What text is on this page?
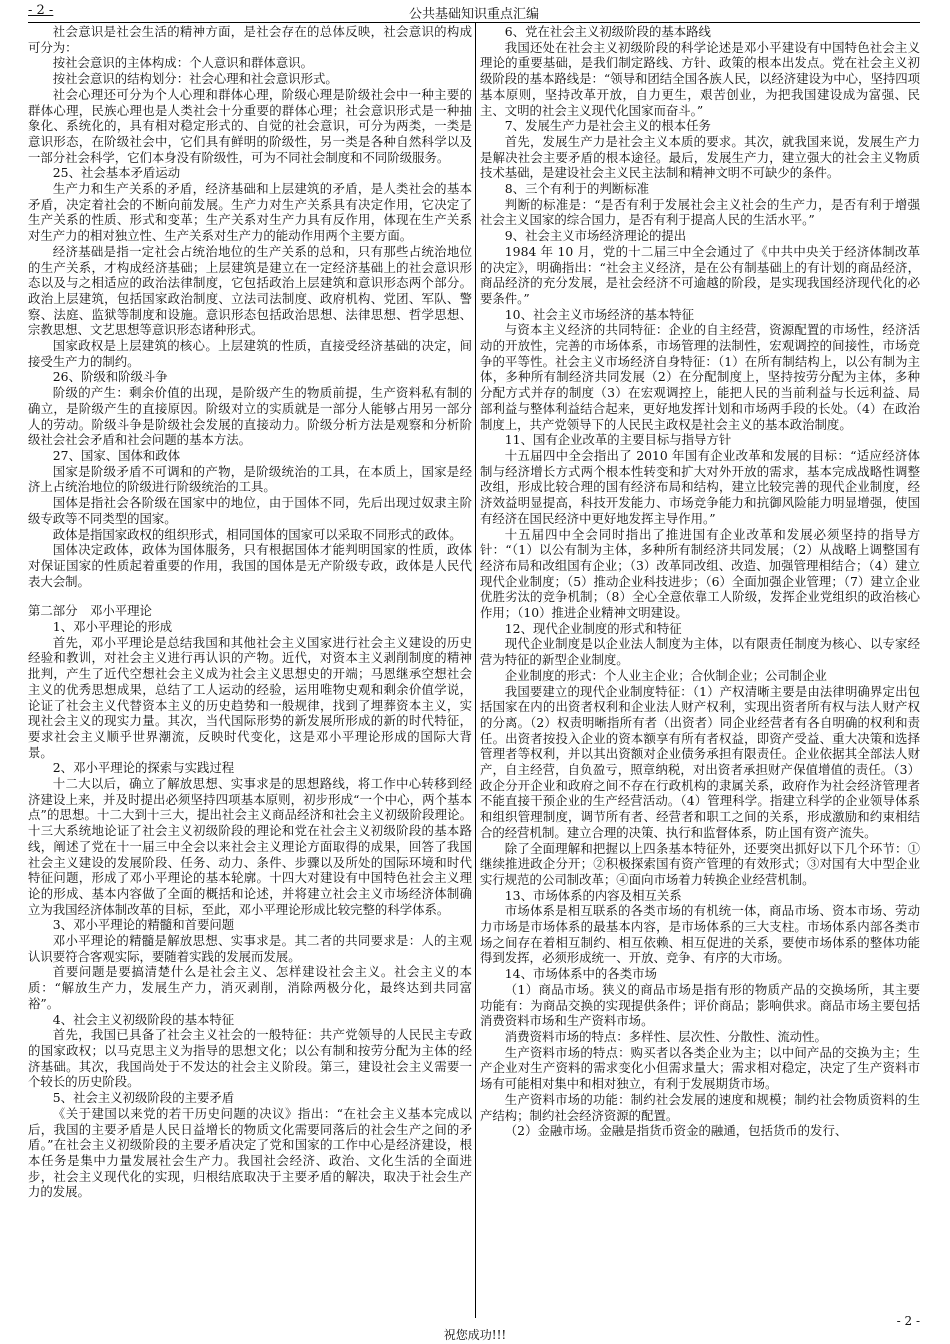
- 2 -	公共基础知识重点汇编

社会意识是社会生活的精神方面，是社会存在的总体反映，社会意识的构成可分为：

按社会意识的主体构成：个人意识和群体意识。

按社会意识的结构划分：社会心理和社会意识形式。

社会心理还可分为个人心理和群体心理，阶级心理是阶级社会中一种主要的群体心理，民族心理也是人类社会十分重要的群体心理；社会意识形式是一种抽象化、系统化的，具有相对稳定形式的、自觉的社会意识，可分为两类，一类是意识形态，在阶级社会中，它们具有鲜明的阶级性，另一类是各种自然科学以及一部分社会科学，它们本身没有阶级性，可为不同社会制度和不同阶级服务。

25、社会基本矛盾运动

生产力和生产关系的矛盾，经济基础和上层建筑的矛盾，是人类社会的基本矛盾，决定着社会的不断向前发展。生产力对生产关系具有决定作用，它决定了生产关系的性质、形式和变革；生产关系对生产力具有反作用，体现在生产关系对生产力的相对独立性、生产关系对生产力的能动作用两个主要方面。

经济基础是指一定社会占统治地位的生产关系的总和，只有那些占统治地位的生产关系，才构成经济基础；上层建筑是建立在一定经济基础上的社会意识形态以及与之相适应的政治法律制度，它包括政治上层建筑和意识形态两个部分。政治上层建筑，包括国家政治制度、立法司法制度、政府机构、党团、军队、警察、法庭、监狱等制度和设施。意识形态包括政治思想、法律思想、哲学思想、宗教思想、文艺思想等意识形态诸种形式。

国家政权是上层建筑的核心。上层建筑的性质，直接受经济基础的决定，间接受生产力的制约。

26、阶级和阶级斗争

阶级的产生：剩余价值的出现，是阶级产生的物质前提，生产资料私有制的确立，是阶级产生的直接原因。阶级对立的实质就是一部分人能够占用另一部分人的劳动。阶级斗争是阶级社会发展的直接动力。阶级分析方法是观察和分析阶级社会社会矛盾和社会问题的基本方法。

27、国家、国体和政体

国家是阶级矛盾不可调和的产物，是阶级统治的工具，在本质上，国家是经济上占统治地位的阶级进行阶级统治的工具。

国体是指社会各阶级在国家中的地位，由于国体不同，先后出现过奴隶主阶级专政等不同类型的国家。

政体是指国家政权的组织形式，相同国体的国家可以采取不同形式的政体。

国体决定政体，政体为国体服务，只有根据国体才能判明国家的性质，政体对保证国家的性质起着重要的作用，我国的国体是无产阶级专政，政体是人民代表大会制。

第二部分　邓小平理论

1、邓小平理论的形成

首先，邓小平理论是总结我国和其他社会主义国家进行社会主义建设的历史经验和教训，对社会主义进行再认识的产物。近代，对资本主义剥削制度的精神批判，产生了近代空想社会主义成为社会主义思想史的开端；马恩继承空想社会主义的优秀思想成果，总结了工人运动的经验，运用唯物史观和剩余价值学说，论证了社会主义代替资本主义的历史趋势和一般规律，找到了埋葬资本主义，实现社会主义的现实力量。其次，当代国际形势的新发展所形成的新的时代特征，要求社会主义顺乎世界潮流，反映时代变化，这是邓小平理论形成的国际大背景。

2、邓小平理论的探索与实践过程

十二大以后，确立了解放思想、实事求是的思想路线，将工作中心转移到经济建设上来，并及时提出必须坚持四项基本原则，初步形成“一个中心，两个基本点”的思想。十二大到十三大，提出社会主义商品经济和社会主义初级阶段理论。十三大系统地论证了社会主义初级阶段的理论和党在社会主义初级阶段的基本路线，阐述了党在十一届三中全会以来社会主义理论方面取得的成果，回答了我国社会主义建设的发展阶段、任务、动力、条件、步骤以及所处的国际环境和时代特征问题，形成了邓小平理论的基本轮廓。十四大对建设有中国特色社会主义理论的形成、基本内容做了全面的概括和论述，并将建立社会主义市场经济体制确立为我国经济体制改革的目标，至此，邓小平理论形成比较完整的科学体系。

3、邓小平理论的精髓和首要问题

邓小平理论的精髓是解放思想、实事求是。其二者的共同要求是：人的主观认识要符合客观实际，要随着实践的发展而发展。

首要问题是要搞清楚什么是社会主义、怎样建设社会主义。社会主义的本质：“解放生产力，发展生产力，消灭剥削，消除两极分化，最终达到共同富裕”。

4、社会主义初级阶段的基本特征

首先，我国已具备了社会主义社会的一般特征：共产党领导的人民民主专政的国家政权；以马克思主义为指导的思想文化；以公有制和按劳分配为主体的经济基础。其次，我国尚处于不发达的社会主义阶段。第三，建设社会主义需要一个较长的历史阶段。

5、社会主义初级阶段的主要矛盾

《关于建国以来党的若干历史问题的决议》指出：“在社会主义基本完成以后，我国的主要矛盾是人民日益增长的物质文化需要同落后的社会生产之间的矛盾。”在社会主义初级阶段的主要矛盾决定了党和国家的工作中心是经济建设，根本任务是集中力量发展社会生产力。我国社会经济、政治、文化生活的全面进步，社会主义现代化的实现，归根结底取决于主要矛盾的解决，取决于社会生产力的发展。

6、党在社会主义初级阶段的基本路线

我国还处在社会主义初级阶段的科学论述是邓小平建设有中国特色社会主义理论的重要基础，是我们制定路线、方针、政策的根本出发点。党在社会主义初级阶段的基本路线是：“领导和团结全国各族人民，以经济建设为中心，坚持四项基本原则，坚持改革开放，自力更生，艰苦创业，为把我国建设成为富强、民主、文明的社会主义现代化国家而奋斗。”

7、发展生产力是社会主义的根本任务

首先，发展生产力是社会主义本质的要求。其次，就我国来说，发展生产力是解决社会主要矛盾的根本途径。最后，发展生产力，建立强大的社会主义物质技术基础，是建设社会主义民主法制和精神文明不可缺少的条件。

8、三个有利于的判断标准

判断的标准是：“是否有利于发展社会主义社会的生产力，是否有利于增强社会主义国家的综合国力，是否有利于提高人民的生活水平。”

9、社会主义市场经济理论的提出

1984 年 10 月，党的十二届三中全会通过了《中共中央关于经济体制改革的决定》，明确指出：“社会主义经济，是在公有制基础上的有计划的商品经济，商品经济的充分发展，是社会经济不可逾越的阶段，是实现我国经济现代化的必要条件。”

10、社会主义市场经济的基本特征

与资本主义经济的共同特征：企业的自主经营，资源配置的市场性，经济活动的开放性，完善的市场体系，市场管理的法制性，宏观调控的间接性，市场竞争的平等性。社会主义市场经济自身特征：（1）在所有制结构上，以公有制为主体，多种所有制经济共同发展（2）在分配制度上，坚持按劳分配为主体，多种分配方式并存的制度（3）在宏观调控上，能把人民的当前利益与长远利益、局部利益与整体利益结合起来，更好地发挥计划和市场两手段的长处。（4）在政治制度上，共产党领导下的人民民主政权是社会主义的基本政治制度。

11、国有企业改革的主要目标与指导方针

十五届四中全会指出了 2010 年国有企业改革和发展的目标：“适应经济体制与经济增长方式两个根本性转变和扩大对外开放的需求，基本完成战略性调整改组，形成比较合理的国有经济布局和结构，建立比较完善的现代企业制度，经济效益明显提高，科技开发能力、市场竞争能力和抗御风险能力明显增强，使国有经济在国民经济中更好地发挥主导作用。”

十五届四中全会同时指出了推进国有企业改革和发展必须坚持的指导方针：“（1）以公有制为主体，多种所有制经济共同发展；（2）从战略上调整国有经济布局和改组国有企业；（3）改革同改组、改造、加强管理相结合；（4）建立现代企业制度；（5）推动企业科技进步；（6）全面加强企业管理；（7）建立企业优胜劣汰的竞争机制；（8）全心全意依靠工人阶级，发挥企业党组织的政治核心作用；（10）推进企业精神文明建设。

12、现代企业制度的形式和特征

现代企业制度是以企业法人制度为主体，以有限责任制度为核心、以专家经营为特征的新型企业制度。

企业制度的形式：个人业主企业；合伙制企业；公司制企业

我国要建立的现代企业制度特征：（1）产权清晰主要是由法律明确界定出包括国家在内的出资者权利和企业法人财产权利，实现出资者所有权与法人财产权的分离。（2）权责明晰指所有者（出资者）同企业经营者有各自明确的权利和责任。出资者按投入企业的资本额享有所有者权益，即资产受益、重大决策和选择管理者等权利，并以其出资额对企业债务承担有限责任。企业依据其全部法人财产，自主经营，自负盈亏，照章纳税，对出资者承担财产保值增值的责任。（3）政企分开企业和政府之间不存在行政机构的隶属关系，政府作为社会经济管理者不能直接干预企业的生产经营活动。（4）管理科学。指建立科学的企业领导体系和组织管理制度，调节所有者、经营者和职工之间的关系，形成激励和约束相结合的经营机制。建立合理的决策、执行和监督体系，防止国有资产流失。

除了全面理解和把握以上四条基本特征外，还要突出抓好以下几个环节：①继续推进政企分开；②积极探索国有资产管理的有效形式；③对国有大中型企业实行规范的公司制改革；④面向市场着力转换企业经营机制。

13、市场体系的内容及相互关系

市场体系是相互联系的各类市场的有机统一体，商品市场、资本市场、劳动力市场是市场体系的最基本内容，是市场体系的三大支柱。市场体系内部各类市场之间存在着相互制约、相互依赖、相互促进的关系，要使市场体系的整体功能得到发挥，必须形成统一、开放、竞争、有序的大市场。

14、市场体系中的各类市场

（1）商品市场。狭义的商品市场是指有形的物质产品的交换场所，其主要功能有：为商品交换的实现提供条件；评价商品；影响供求。商品市场主要包括消费资料市场和生产资料市场。

消费资料市场的特点：多样性、层次性、分散性、流动性。

生产资料市场的特点：购买者以各类企业为主；以中间产品的交换为主；生产企业对生产资料的需求变化小但需求量大；需求相对稳定，决定了生产资料市场有可能相对集中和相对独立，有利于发展期货市场。

生产资料市场的功能：制约社会发展的速度和规模；制约社会物质资料的生产结构；制约社会经济资源的配置。

（2）金融市场。金融是指货币资金的融通，包括货币的发行、

祝您成功!!!
- 2 -
